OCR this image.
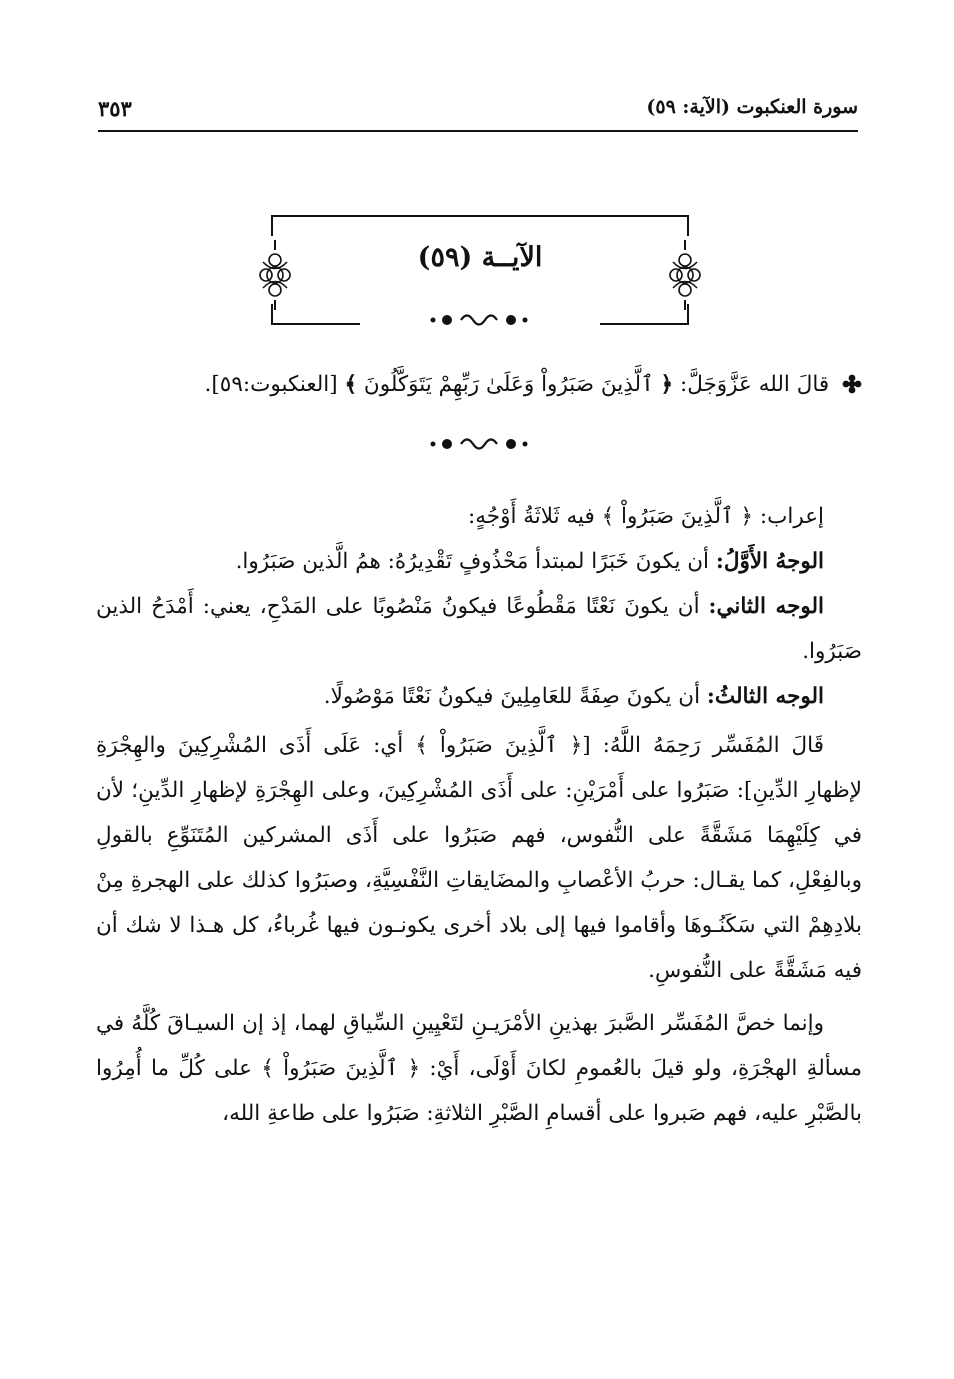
سورة العنكبوت (الآية: ٥٩)
٣٥٣
الآيــة (٥٩)
قالَ الله عَزَّوَجَلَّ: ﴿ ٱلَّذِينَ صَبَرُواْ وَعَلَىٰ رَبِّهِمْ يَتَوَكَّلُونَ ﴾ [العنكبوت:٥٩].

إعراب: ﴿ ٱلَّذِينَ صَبَرُواْ ﴾ فيه ثَلاثَةُ أَوْجُهٍ:

الوجهُ الأَوَّلُ: أن يكونَ خَبَرًا لمبتدأ مَحْذُوفٍ تَقْدِيرُهُ: همُ الَّذين صَبَرُوا.

الوجه الثاني: أن يكونَ نَعْتًا مَقْطُوعًا فيكونُ مَنْصُوبًا على المَدْحِ، يعني: أَمْدَحُ الذين صَبَرُوا.

الوجه الثالثُ: أن يكونَ صِفَةً للعَامِلِينَ فيكونُ نَعْتًا مَوْصُولًا.

قَالَ المُفَسِّر رَحِمَهُ اللَّهُ: [﴿ ٱلَّذِينَ صَبَرُواْ ﴾ أي: عَلَى أَذَى المُشْرِكِينَ والهِجْرَةِ لإظهارِ الدِّينِ]: صَبَرُوا على أَمْرَيْنِ: على أَذَى المُشْرِكِينَ، وعلى الهِجْرَةِ لإظهارِ الدِّينِ؛ لأن في كِلَيْهِمَا مَشَقَّةً على النُّفوس، فهم صَبَرُوا على أَذَى المشركين المُتَنَوِّعِ بالقولِ وبالفِعْلِ، كما يقـال: حربُ الأعْصابِ والمضَايقاتِ النَّفْسِيَّةِ، وصبَرُوا كذلك على الهجرةِ مِنْ بلادِهِمْ التي سَكَنُـوهَا وأقاموا فيها إلى بلاد أخرى يكونـون فيها غُرباءُ، كل هـذا لا شك أن فيه مَشَقَّةً على النُّفوسِ.

وإنما خصَّ المُفَسِّر الصَّبرَ بهذينِ الأمْرَيـنِ لتَعْيِينِ السِّياقِ لهما، إذ إن السيـاقَ كُلَّهُ في مسألةِ الهجْرَةِ، ولو قيلَ بالعُمومِ لكانَ أَوْلَى، أَيْ: ﴿ ٱلَّذِينَ صَبَرُواْ ﴾ على كُلِّ ما أُمِرُوا بالصَّبْرِ عليه، فهم صَبروا على أقسامِ الصَّبْرِ الثلاثةِ: صَبَرُوا على طاعةِ الله،
